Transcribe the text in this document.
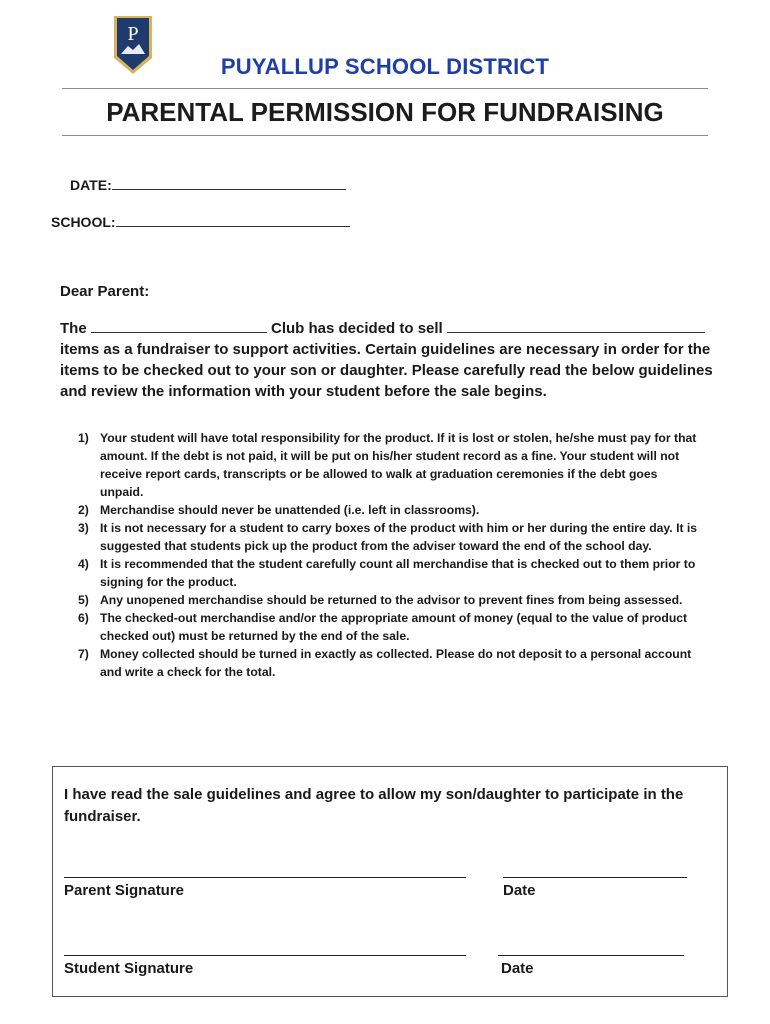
P
PUYALLUP SCHOOL DISTRICT
PARENTAL PERMISSION FOR FUNDRAISING
DATE:
SCHOOL:
Dear Parent:
The	Club has decided to sell  items as a fundraiser to support activities. Certain guidelines are necessary in order for the items to be checked out to your son or daughter. Please carefully read the below guidelines and review the information with your student before the sale begins.
1) Your student will have total responsibility for the product. If it is lost or stolen, he/she must pay for that amount. If the debt is not paid, it will be put on his/her student record as a fine. Your student will not receive report cards, transcripts or be allowed to walk at graduation ceremonies if the debt goes unpaid.
2) Merchandise should never be unattended (i.e. left in classrooms).
3) It is not necessary for a student to carry boxes of the product with him or her during the entire day. It is suggested that students pick up the product from the adviser toward the end of the school day.
4) It is recommended that the student carefully count all merchandise that is checked out to them prior to signing for the product.
5) Any unopened merchandise should be returned to the advisor to prevent fines from being assessed.
6) The checked-out merchandise and/or the appropriate amount of money (equal to the value of product checked out) must be returned by the end of the sale.
7) Money collected should be turned in exactly as collected. Please do not deposit to a personal account and write a check for the total.
I have read the sale guidelines and agree to allow my son/daughter to participate in the fundraiser.
Parent Signature	Date
Student Signature	Date
